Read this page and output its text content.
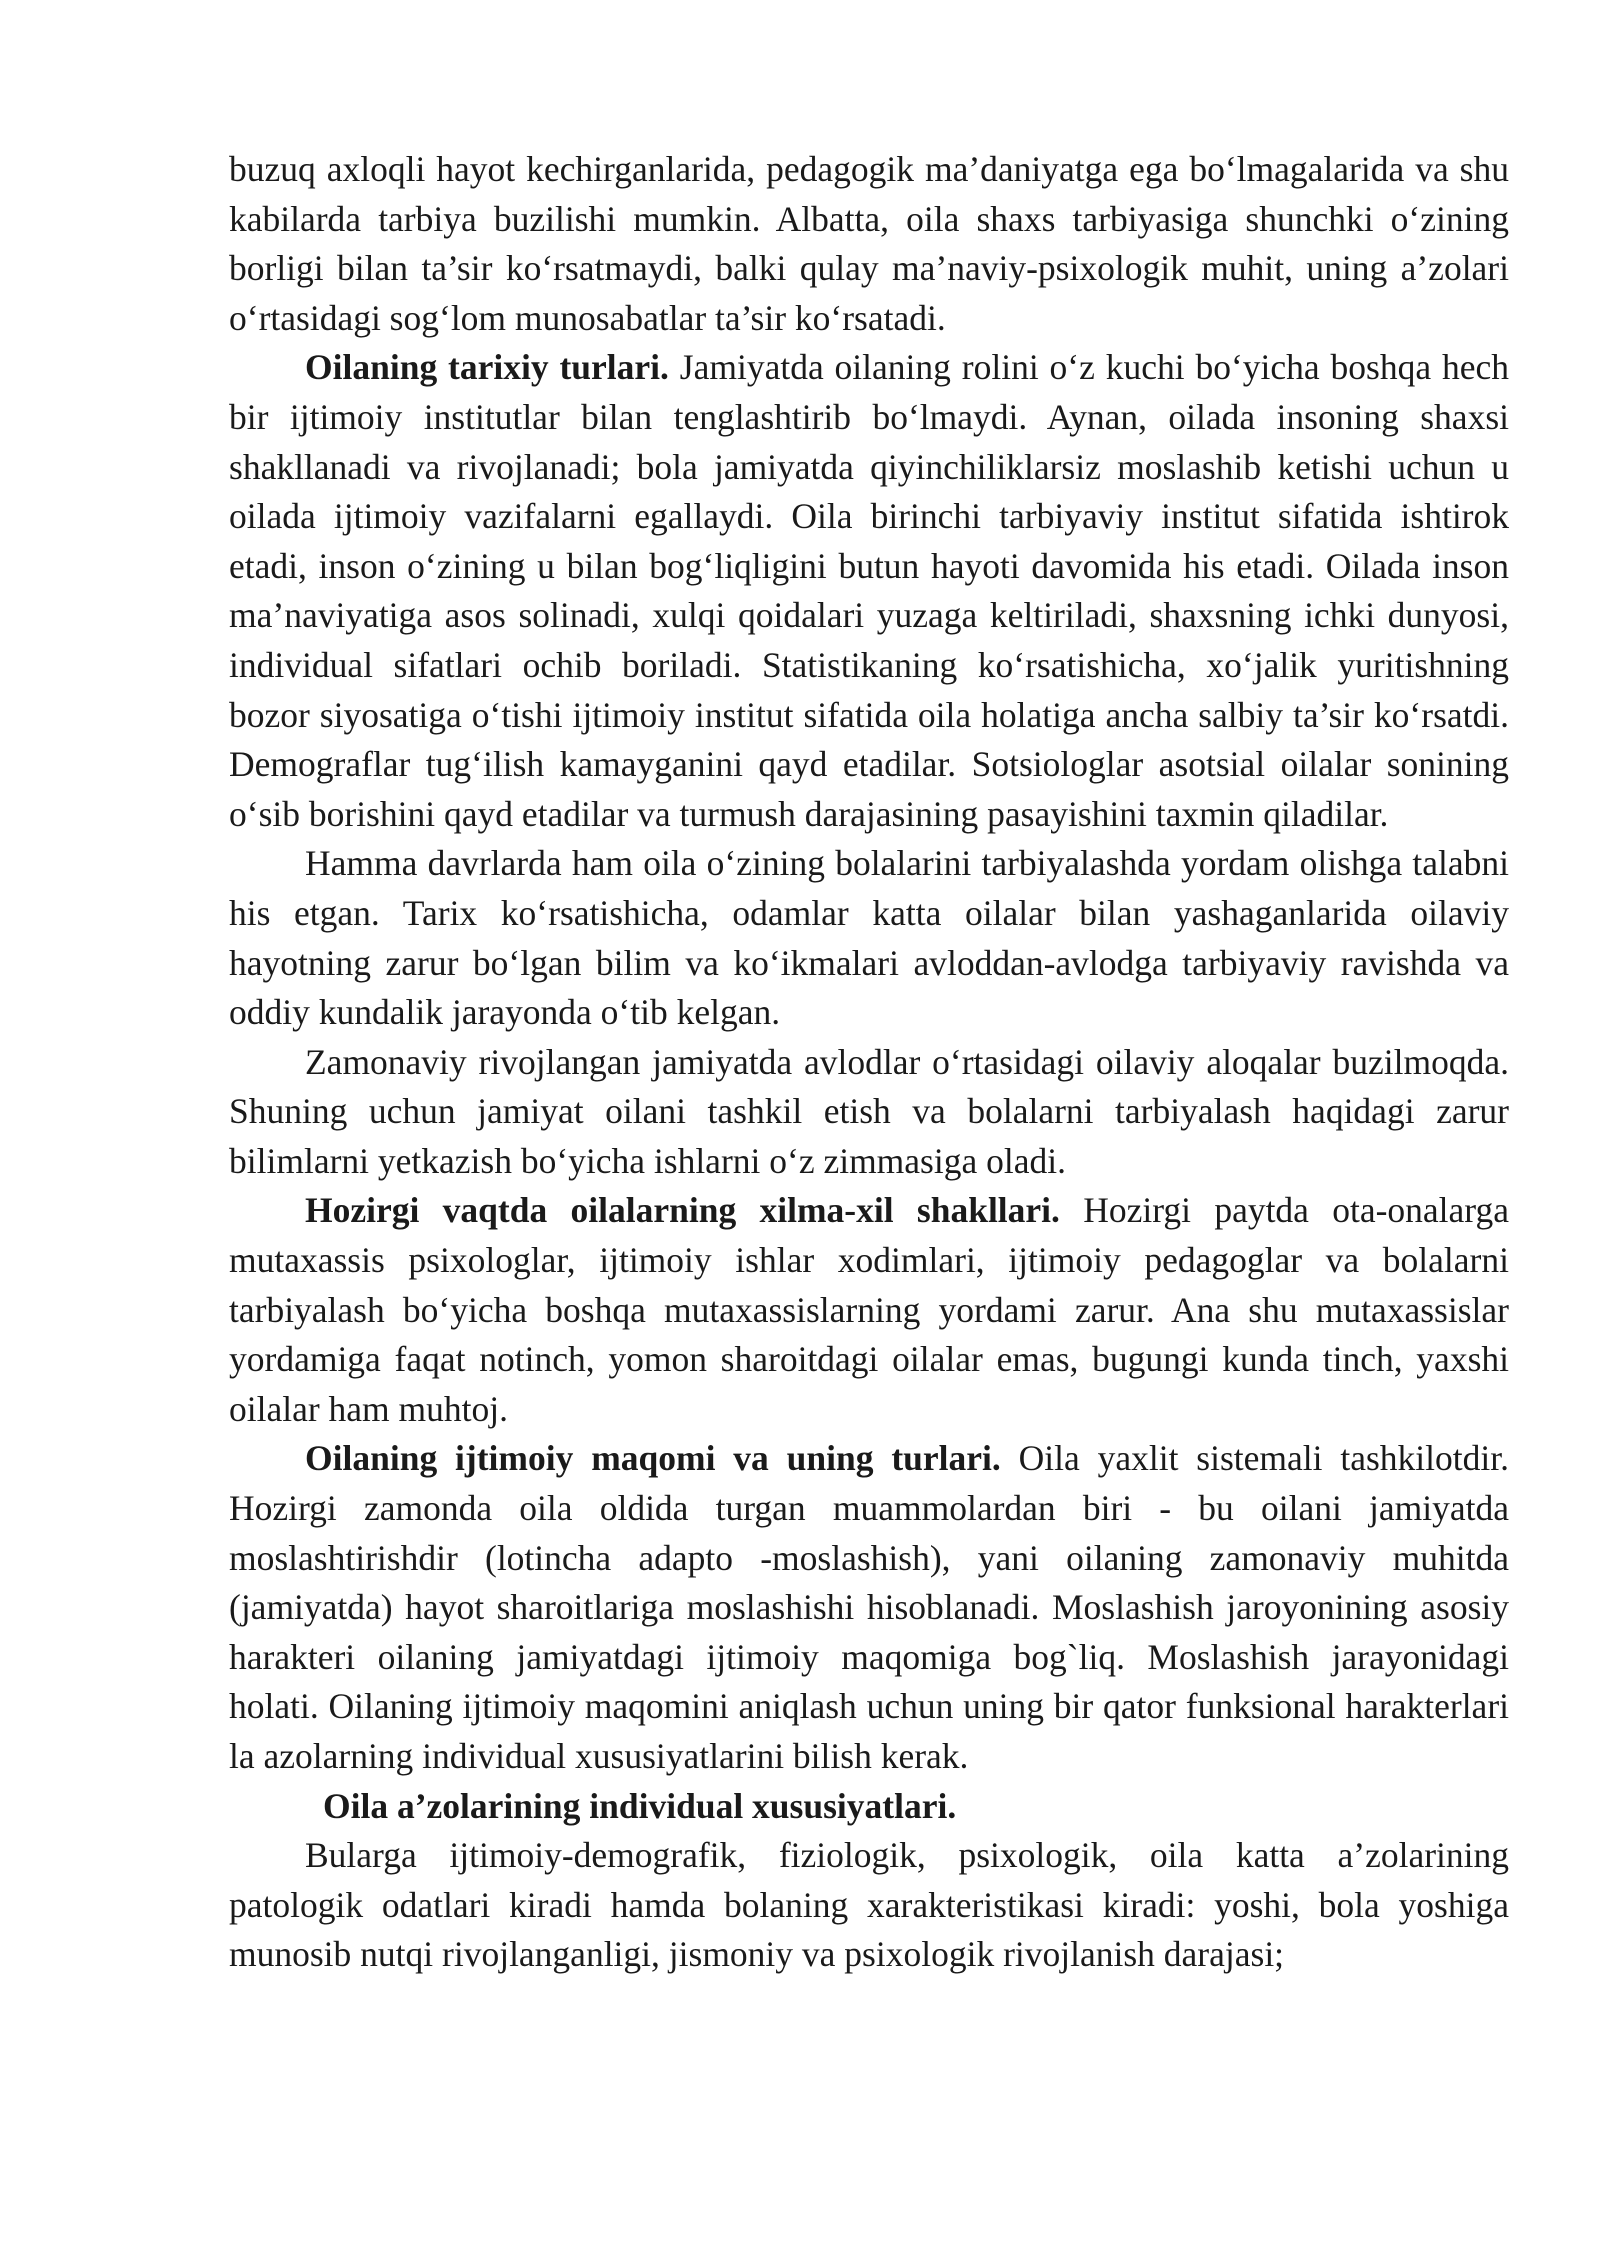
buzuq axloqli hayot kechirganlarida, pedagogik ma’daniyatga ega bo‘lmagalarida va shu kabilarda tarbiya buzilishi mumkin. Albatta, oila shaxs tarbiyasiga shunchki o‘zining borligi bilan ta’sir ko‘rsatmaydi, balki qulay ma’naviy-psixologik muhit, uning a’zolari o‘rtasidagi sog‘lom munosabatlar ta’sir ko‘rsatadi.

Oilaning tarixiy turlari. Jamiyatda oilaning rolini o‘z kuchi bo‘yicha boshqa hech bir ijtimoiy institutlar bilan tenglashtirib bo‘lmaydi. Aynan, oilada insoning shaxsi shakllanadi va rivojlanadi; bola jamiyatda qiyinchiliklarsiz moslashib ketishi uchun u oilada ijtimoiy vazifalarni egallaydi. Oila birinchi tarbiyaviy institut sifatida ishtirok etadi, inson o‘zining u bilan bog‘liqligini butun hayoti davomida his etadi. Oilada inson ma’naviyatiga asos solinadi, xulqi qoidalari yuzaga keltiriladi, shaxsning ichki dunyosi, individual sifatlari ochib boriladi. Statistikaning ko‘rsatishicha, xo‘jalik yuritishning bozor siyosatiga o‘tishi ijtimoiy institut sifatida oila holatiga ancha salbiy ta’sir ko‘rsatdi. Demograflar tug‘ilish kamayganini qayd etadilar. Sotsiologlar asotsial oilalar sonining o‘sib borishini qayd etadilar va turmush darajasining pasayishini taxmin qiladilar.

Hamma davrlarda ham oila o‘zining bolalarini tarbiyalashda yordam olishga talabni his etgan. Tarix ko‘rsatishicha, odamlar katta oilalar bilan yashaganlarida oilaviy hayotning zarur bo‘lgan bilim va ko‘ikmalari avloddan-avlodga tarbiyaviy ravishda va oddiy kundalik jarayonda o‘tib kelgan.

Zamonaviy rivojlangan jamiyatda avlodlar o‘rtasidagi oilaviy aloqalar buzilmoqda. Shuning uchun jamiyat oilani tashkil etish va bolalarni tarbiyalash haqidagi zarur bilimlarni yetkazish bo‘yicha ishlarni o‘z zimmasiga oladi.

Hozirgi vaqtda oilalarning xilma-xil shakllari. Hozirgi paytda ota-onalarga mutaxassis psixologlar, ijtimoiy ishlar xodimlari, ijtimoiy pedagoglar va bolalarni tarbiyalash bo‘yicha boshqa mutaxassislarning yordami zarur. Ana shu mutaxassislar yordamiga faqat notinch, yomon sharoitdagi oilalar emas, bugungi kunda tinch, yaxshi oilalar ham muhtoj.

Oilaning ijtimoiy maqomi va uning turlari. Oila yaxlit sistemali tashkilotdir. Hozirgi zamonda oila oldida turgan muammolardan biri - bu oilani jamiyatda moslashtirishdir (lotincha adapto -moslashish), yani oilaning zamonaviy muhitda (jamiyatda) hayot sharoitlariga moslashishi hisoblanadi. Moslashish jaroyonining asosiy harakteri oilaning jamiyatdagi ijtimoiy maqomiga bog`liq. Moslashish jarayonidagi holati. Oilaning ijtimoiy maqomini aniqlash uchun uning bir qator funksional harakterlari la azolarning individual xususiyatlarini bilish kerak.

Oila a’zolarining individual xususiyatlari.

Bularga ijtimoiy-demografik, fiziologik, psixologik, oila katta a’zolarining patologik odatlari kiradi hamda bolaning xarakteristikasi kiradi: yoshi, bola yoshiga munosib nutqi rivojlanganligi, jismoniy va psixologik rivojlanish darajasi;
